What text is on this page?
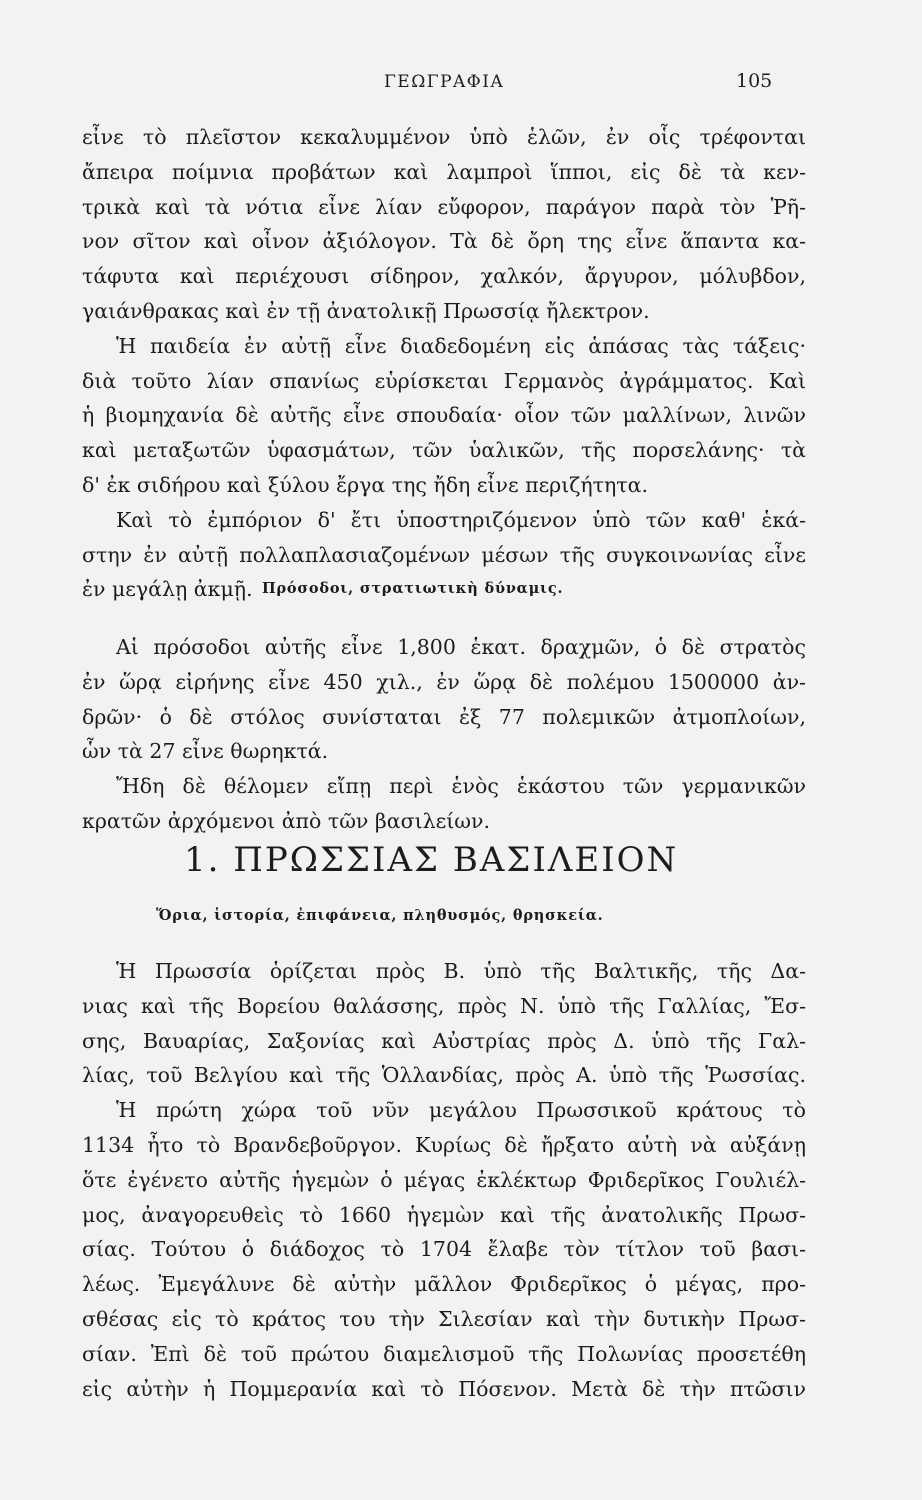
ΓΕΩΓΡΑΦΙΑ	105
εἶνε τὸ πλεῖστον κεκαλυμμένον ὑπὸ ἑλῶν, ἐν οἷς τρέφονται
ἄπειρα ποίμνια προβάτων καὶ λαμπροὶ ἵπποι, εἰς δὲ τὰ κεν-
τρικὰ καὶ τὰ νότια εἶνε λίαν εὔφορον, παράγον παρὰ τὸν Ῥῆ-
νον σῖτον καὶ οἶνον ἀξιόλογον. Τὰ δὲ ὄρη της εἶνε ἅπαντα κα-
τάφυτα καὶ περιέχουσι σίδηρον, χαλκόν, ἄργυρον, μόλυβδον,
γαιάνθρακας καὶ ἐν τῇ ἀνατολικῇ Πρωσσίᾳ ἤλεκτρον.
Ἡ παιδεία ἐν αὐτῇ εἶνε διαδεδομένη εἰς ἁπάσας τὰς τάξεις·
διὰ τοῦτο λίαν σπανίως εὑρίσκεται Γερμανὸς ἀγράμματος. Καὶ
ἡ βιομηχανία δὲ αὐτῆς εἶνε σπουδαία· οἷον τῶν μαλλίνων, λινῶν
καὶ μεταξωτῶν ὑφασμάτων, τῶν ὑαλικῶν, τῆς πορσελάνης· τὰ
δ' ἐκ σιδήρου καὶ ξύλου ἔργα της ἤδη εἶνε περιζήτητα.
Καὶ τὸ ἐμπόριον δ' ἔτι ὑποστηριζόμενον ὑπὸ τῶν καθ' ἑκά-
στην ἐν αὐτῇ πολλαπλασιαζομένων μέσων τῆς συγκοινωνίας εἶνε
ἐν μεγάλῃ ἀκμῇ. Πρόσοδοι, στρατιωτικὴ δύναμις.
Αἱ πρόσοδοι αὐτῆς εἶνε 1,800 ἑκατ. δραχμῶν, ὁ δὲ στρατὸς
ἐν ὥρᾳ εἰρήνης εἶνε 450 χιλ., ἐν ὥρᾳ δὲ πολέμου 1500000 ἀν-
δρῶν· ὁ δὲ στόλος συνίσταται ἐξ 77 πολεμικῶν ἀτμοπλοίων,
ὧν τὰ 27 εἶνε θωρηκτά.
Ἤδη δὲ θέλομεν εἴπῃ περὶ ἑνὸς ἑκάστου τῶν γερμανικῶν
κρατῶν ἀρχόμενοι ἀπὸ τῶν βασιλείων.
1. ΠΡΩΣΣΙΑΣ ΒΑΣΙΛΕΙΟΝ
Ὅρια, ἱστορία, ἐπιφάνεια, πληθυσμός, θρησκεία.
Ἡ Πρωσσία ὁρίζεται πρὸς Β. ὑπὸ τῆς Βαλτικῆς, τῆς Δα-
νιας καὶ τῆς Βορείου θαλάσσης, πρὸς Ν. ὑπὸ τῆς Γαλλίας, Ἔσ-
σης, Βαυαρίας, Σαξονίας καὶ Αὐστρίας πρὸς Δ. ὑπὸ τῆς Γαλ-
λίας, τοῦ Βελγίου καὶ τῆς Ὁλλανδίας, πρὸς Α. ὑπὸ τῆς Ῥωσσίας.
Ἡ πρώτη χώρα τοῦ νῦν μεγάλου Πρωσσικοῦ κράτους τὸ
1134 ἦτο τὸ Βρανδεβοῦργον. Κυρίως δὲ ἤρξατο αὐτὴ νὰ αὐξάνῃ
ὅτε ἐγένετο αὐτῆς ἡγεμὼν ὁ μέγας ἐκλέκτωρ Φριδερῖκος Γουλιέλ-
μος, ἀναγορευθεὶς τὸ 1660 ἡγεμὼν καὶ τῆς ἀνατολικῆς Πρωσ-
σίας. Τούτου ὁ διάδοχος τὸ 1704 ἔλαβε τὸν τίτλον τοῦ βασι-
λέως. Ἐμεγάλυνε δὲ αὐτὴν μᾶλλον Φριδερῖκος ὁ μέγας, προ-
σθέσας εἰς τὸ κράτος του τὴν Σιλεσίαν καὶ τὴν δυτικὴν Πρωσ-
σίαν. Ἐπὶ δὲ τοῦ πρώτου διαμελισμοῦ τῆς Πολωνίας προσετέθη
εἰς αὐτὴν ἡ Πομμερανία καὶ τὸ Πόσενον. Μετὰ δὲ τὴν πτῶσιν
